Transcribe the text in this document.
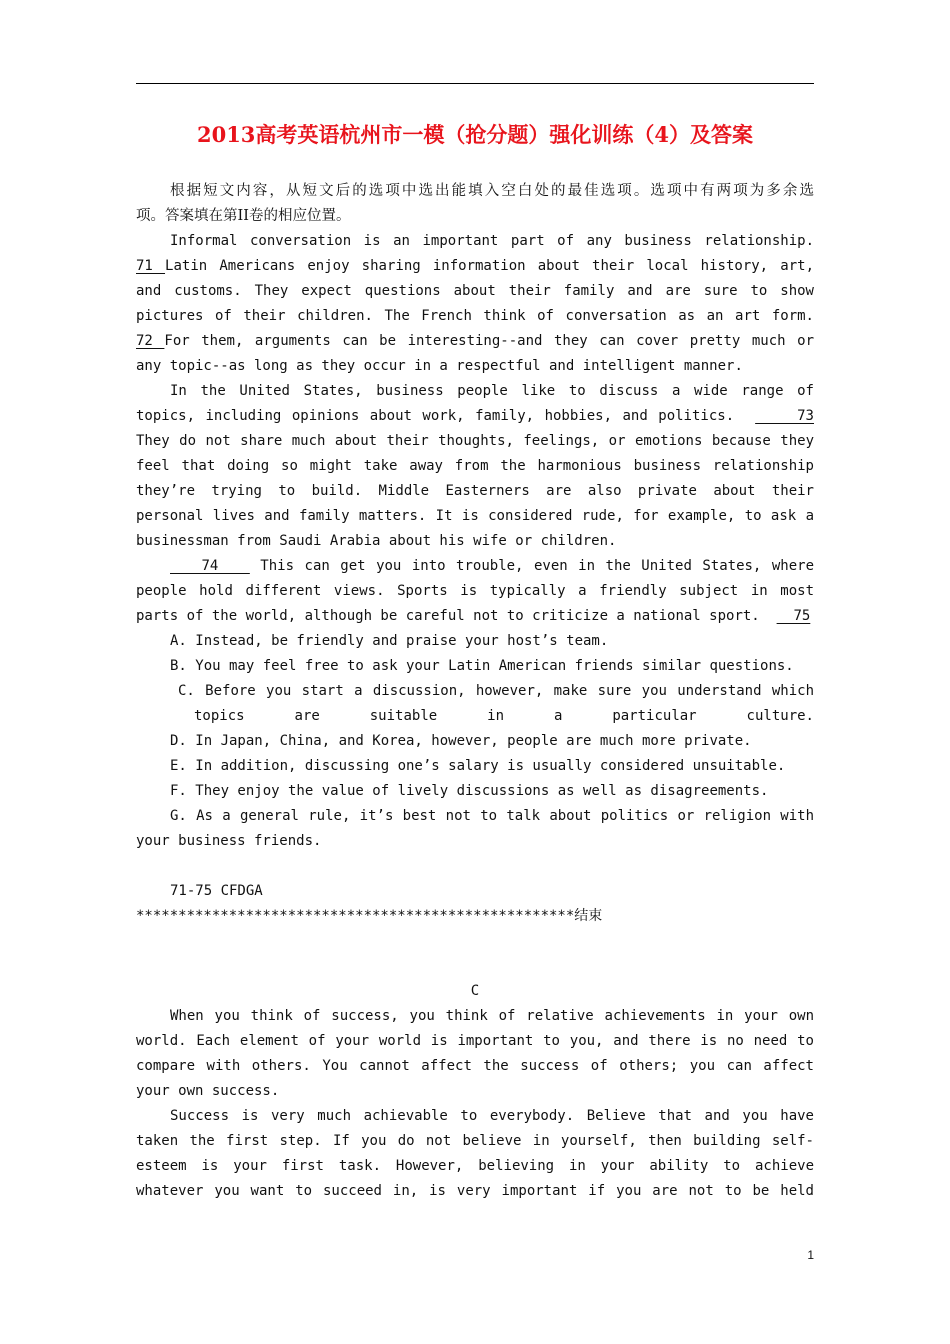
2013高考英语杭州市一模（抢分题）强化训练（4）及答案

根据短文内容，从短文后的选项中选出能填入空白处的最佳选项。选项中有两项为多余选

项。答案填在第II卷的相应位置。

Informal conversation is an important part of any business relationship.

71 Latin Americans enjoy sharing information about their local history, art,

and customs. They expect questions about their family and are sure to show

pictures of their children. The French think of conversation as an art form.

72 For them, arguments can be interesting--and they can cover pretty much or

any topic--as long as they occur in a respectful and intelligent manner.

In the United States, business people like to discuss a wide range of

topics, including opinions about work, family, hobbies, and politics.      73

They do not share much about their thoughts, feelings, or emotions because they

feel that doing so might take away from the harmonious business relationship

they’re trying to build. Middle Easterners are also private about their

personal lives and family matters. It is considered rude, for example, to ask a

businessman from Saudi Arabia about his wife or children.

74    This can get you into trouble, even in the United States, where

people hold different views. Sports is typically a friendly subject in most

parts of the world, although be careful not to criticize a national sport.    75

A. Instead, be friendly and praise your host’s team.

B. You may feel free to ask your Latin American friends similar questions.

C. Before you start a discussion, however, make sure you understand which

topics are suitable in a particular culture.

D. In Japan, China, and Korea, however, people are much more private.

E. In addition, discussing one’s salary is usually considered unsuitable.

F. They enjoy the value of lively discussions as well as disagreements.

G. As a general rule, it’s best not to talk about politics or religion with

your business friends.

71-75 CFDGA

****************************************************结束

C

When you think of success, you think of relative achievements in your own

world. Each element of your world is important to you, and there is no need to

compare with others. You cannot affect the success of others; you can affect

your own success.

Success is very much achievable to everybody. Believe that and you have

taken the first step. If you do not believe in yourself, then building self-

esteem is your first task. However, believing in your ability to achieve

whatever you want to succeed in, is very important if you are not to be held

1
